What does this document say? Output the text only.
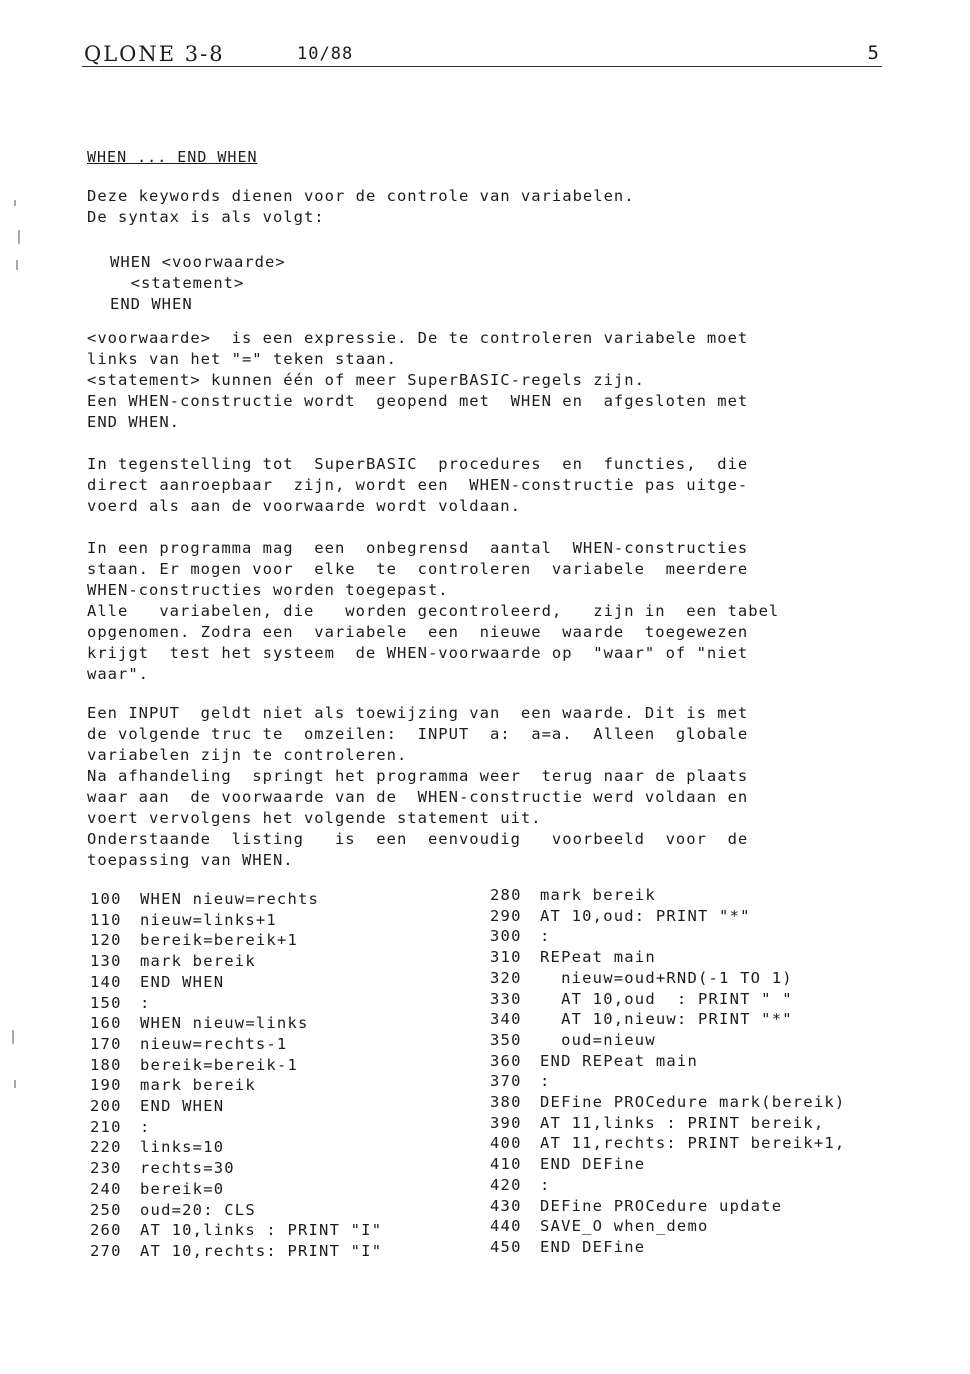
QLONE 3-8	10/88	5
WHEN ... END WHEN
Deze keywords dienen voor de controle van variabelen.
De syntax is als volgt:
WHEN <voorwaarde>
<statement>
END WHEN
<voorwaarde>  is een expressie. De te controleren variabele moet
links van het "=" teken staan.
<statement> kunnen één of meer SuperBASIC-regels zijn.
Een WHEN-constructie wordt  geopend met  WHEN en  afgesloten met
END WHEN.
In tegenstelling tot  SuperBASIC  procedures  en  functies,  die
direct aanroepbaar  zijn, wordt een  WHEN-constructie pas uitge-
voerd als aan de voorwaarde wordt voldaan.
In een programma mag  een  onbegrensd  aantal  WHEN-constructies
staan. Er mogen voor  elke  te  controleren  variabele  meerdere
WHEN-constructies worden toegepast.
Alle   variabelen, die   worden gecontroleerd,   zijn in  een tabel
opgenomen. Zodra een  variabele  een  nieuwe  waarde  toegewezen
krijgt  test het systeem  de WHEN-voorwaarde op  "waar" of "niet
waar".
Een INPUT  geldt niet als toewijzing van  een waarde. Dit is met
de volgende truc te  omzeilen:  INPUT  a:  a=a.  Alleen  globale
variabelen zijn te controleren.
Na afhandeling  springt het programma weer  terug naar de plaats
waar aan  de voorwaarde van de  WHEN-constructie werd voldaan en
voert vervolgens het volgende statement uit.
Onderstaande  listing   is  een  eenvoudig   voorbeeld  voor  de
toepassing van WHEN.
100 WHEN nieuw=rechts
110 nieuw=links+1
120 bereik=bereik+1
130 mark bereik
140 END WHEN
150 :
160 WHEN nieuw=links
170 nieuw=rechts-1
180 bereik=bereik-1
190 mark bereik
200 END WHEN
210 :
220 links=10
230 rechts=30
240 bereik=0
250 oud=20: CLS
260 AT 10,links : PRINT "I"
270 AT 10,rechts: PRINT "I"
280 mark bereik
290 AT 10,oud: PRINT "*"
300 :
310 REPeat main
320  nieuw=oud+RND(-1 TO 1)
330  AT 10,oud  : PRINT " "
340  AT 10,nieuw: PRINT "*"
350  oud=nieuw
360 END REPeat main
370 :
380 DEFine PROCedure mark(bereik)
390 AT 11,links : PRINT bereik,
400 AT 11,rechts: PRINT bereik+1,
410 END DEFine
420 :
430 DEFine PROCedure update
440 SAVE_O when_demo
450 END DEFine
